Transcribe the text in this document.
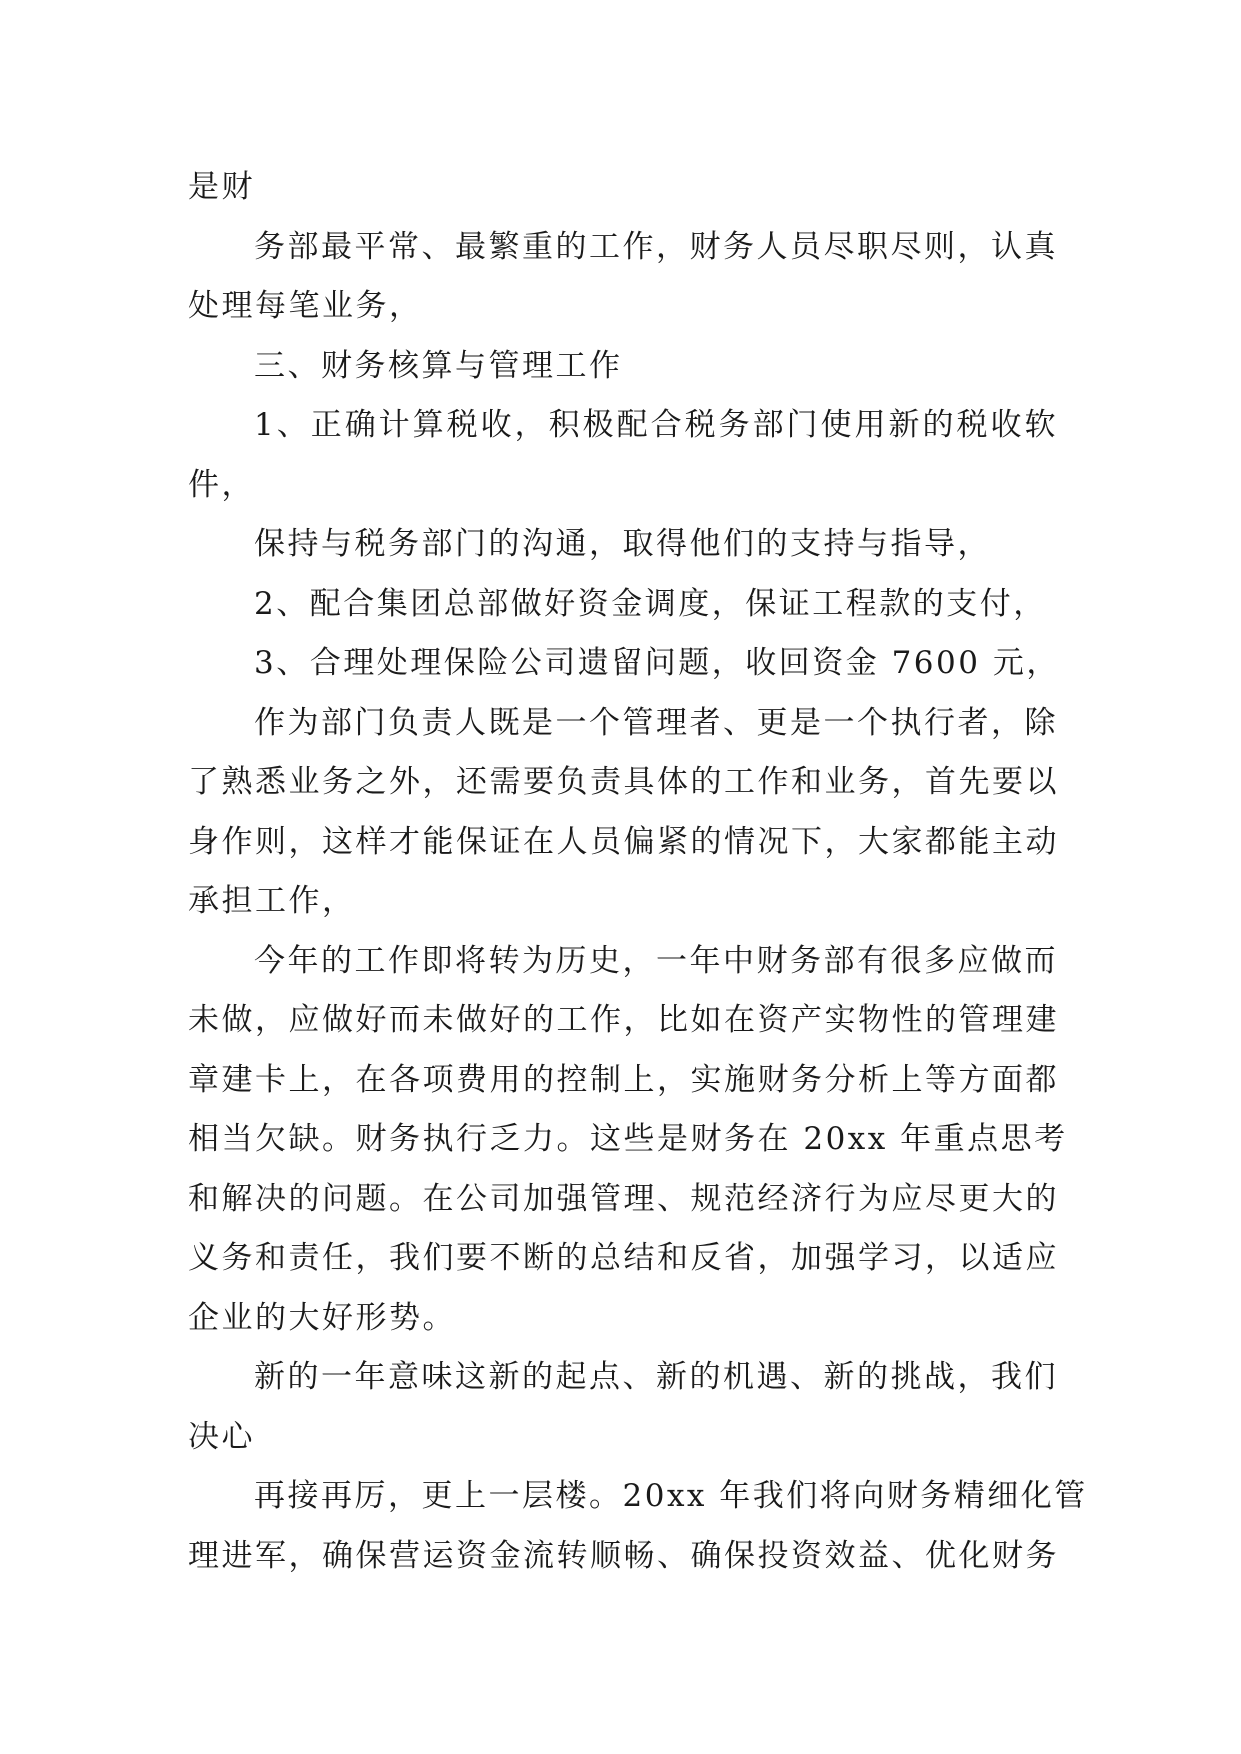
是财
务部最平常、最繁重的工作，财务人员尽职尽则，认真
处理每笔业务，
三、财务核算与管理工作
1、正确计算税收，积极配合税务部门使用新的税收软
件，
保持与税务部门的沟通，取得他们的支持与指导，
2、配合集团总部做好资金调度，保证工程款的支付，
3、合理处理保险公司遗留问题，收回资金 7600 元，
作为部门负责人既是一个管理者、更是一个执行者，除
了熟悉业务之外，还需要负责具体的工作和业务，首先要以
身作则，这样才能保证在人员偏紧的情况下，大家都能主动
承担工作，
今年的工作即将转为历史，一年中财务部有很多应做而
未做，应做好而未做好的工作，比如在资产实物性的管理建
章建卡上，在各项费用的控制上，实施财务分析上等方面都
相当欠缺。财务执行乏力。这些是财务在 20xx 年重点思考
和解决的问题。在公司加强管理、规范经济行为应尽更大的
义务和责任，我们要不断的总结和反省，加强学习，以适应
企业的大好形势。
新的一年意味这新的起点、新的机遇、新的挑战，我们
决心
再接再厉，更上一层楼。20xx 年我们将向财务精细化管
理进军，确保营运资金流转顺畅、确保投资效益、优化财务
